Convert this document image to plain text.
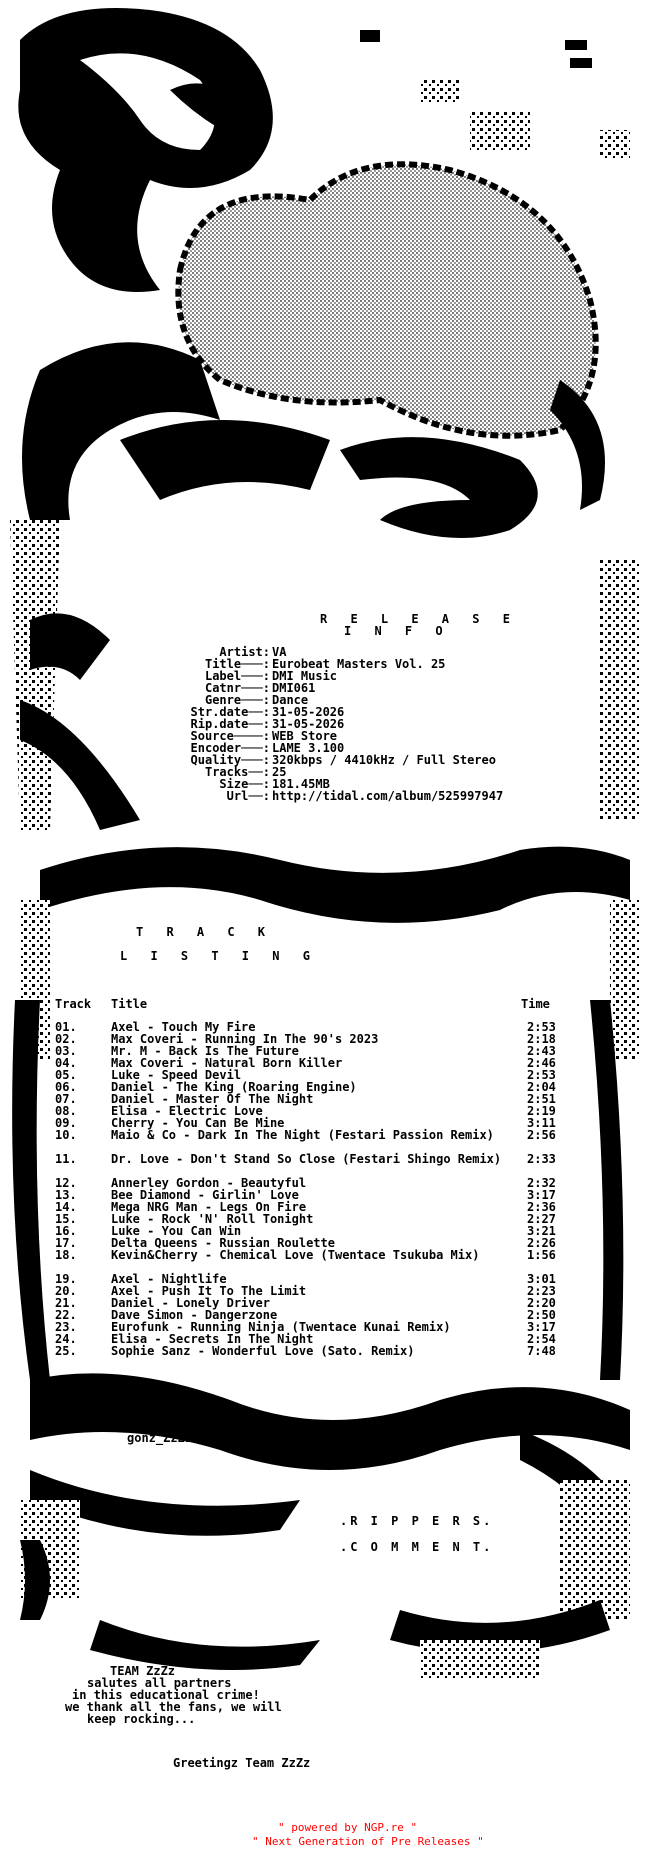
R E L E A S E
I N F O
Artist: VA
Title───: Eurobeat Masters Vol. 25
Label───: DMI Music
Catnr───: DMI061
Genre───: Dance
Str.date──: 31-05-2026
Rip.date──: 31-05-2026
Source────: WEB Store
Encoder───: LAME 3.100
Quality───: 320kbps / 4410kHz / Full Stereo
Tracks──: 25
Size──: 181.45MB
Url──: http://tidal.com/album/525997947
T R A C K
L I S T I N G
Track Title	Time
01.	Axel - Touch My Fire	2:53
02.	Max Coveri - Running In The 90's 2023	2:18
03.	Mr. M - Back Is The Future	2:43
04.	Max Coveri - Natural Born Killer	2:46
05.	Luke - Speed Devil	2:53
06.	Daniel - The King (Roaring Engine)	2:04
07.	Daniel - Master Of The Night	2:51
08.	Elisa - Electric Love	2:19
09.	Cherry - You Can Be Mine	3:11
10.	Maio & Co - Dark In The Night (Festari Passion Remix)	2:56
11.	Dr. Love - Don't Stand So Close (Festari Shingo Remix)	2:33
12.	Annerley Gordon - Beautyful	2:32
13.	Bee Diamond - Girlin' Love	3:17
14.	Mega NRG Man - Legs On Fire	2:36
15.	Luke - Rock 'N' Roll Tonight	2:27
16.	Luke - You Can Win	3:21
17.	Delta Queens - Russian Roulette	2:26
18.	Kevin&Cherry - Chemical Love (Twentace Tsukuba Mix)	1:56
19.	Axel - Nightlife	3:01
20.	Axel - Push It To The Limit	2:23
21.	Daniel - Lonely Driver	2:20
22.	Dave Simon - Dangerzone	2:50
23.	Eurofunk - Running Ninja (Twentace Kunai Remix)	3:17
24.	Elisa - Secrets In The Night	2:54
25.	Sophie Sanz - Wonderful Love (Sato. Remix)	7:48
ASCii by
gonz_ZzZz
.R I P P E R S.
.C O M M E N T.
TEAM ZzZz
salutes all partners
in this educational crime!
we thank all the fans, we will
keep rocking...
Greetingz Team ZzZz
" powered by NGP.re "
" Next Generation of Pre Releases "
